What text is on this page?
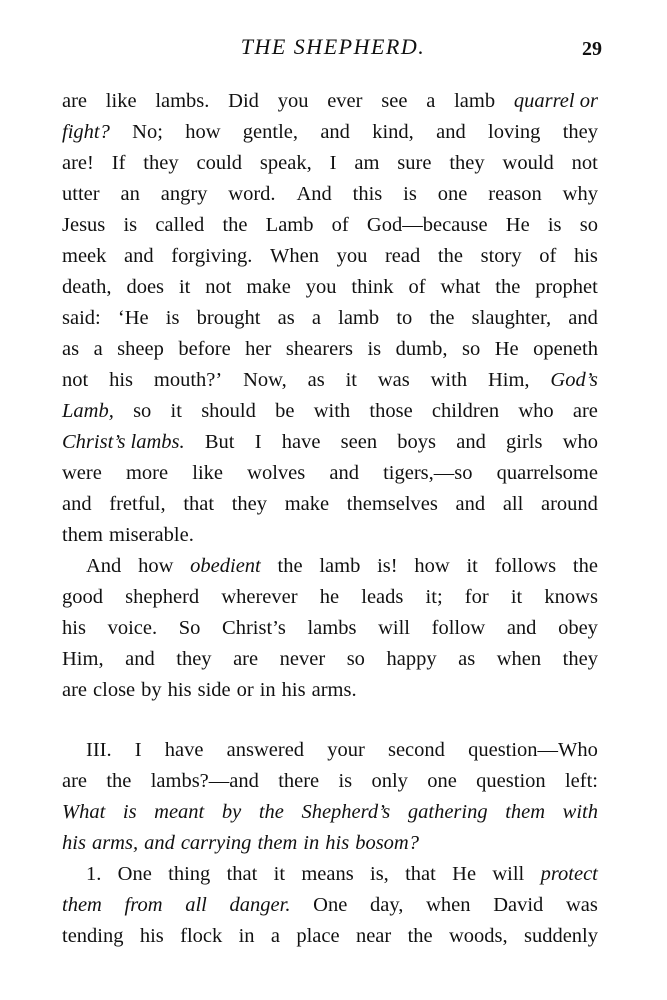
THE SHEPHERD.	29
are like lambs. Did you ever see a lamb quarrel or
fight? No; how gentle, and kind, and loving they
are! If they could speak, I am sure they would not
utter an angry word. And this is one reason why
Jesus is called the Lamb of God—because He is so
meek and forgiving. When you read the story of his
death, does it not make you think of what the prophet
said: ‘He is brought as a lamb to the slaughter, and
as a sheep before her shearers is dumb, so He openeth
not his mouth?’ Now, as it was with Him, God’s
Lamb, so it should be with those children who are
Christ’s lambs. But I have seen boys and girls who
were more like wolves and tigers,—so quarrelsome
and fretful, that they make themselves and all around
them miserable.
And how obedient the lamb is! how it follows the
good shepherd wherever he leads it; for it knows
his voice. So Christ’s lambs will follow and obey
Him, and they are never so happy as when they
are close by his side or in his arms.
III. I have answered your second question—Who
are the lambs?—and there is only one question left:
What is meant by the Shepherd’s gathering them with
his arms, and carrying them in his bosom?
1. One thing that it means is, that He will protect
them from all danger. One day, when David was
tending his flock in a place near the woods, suddenly
